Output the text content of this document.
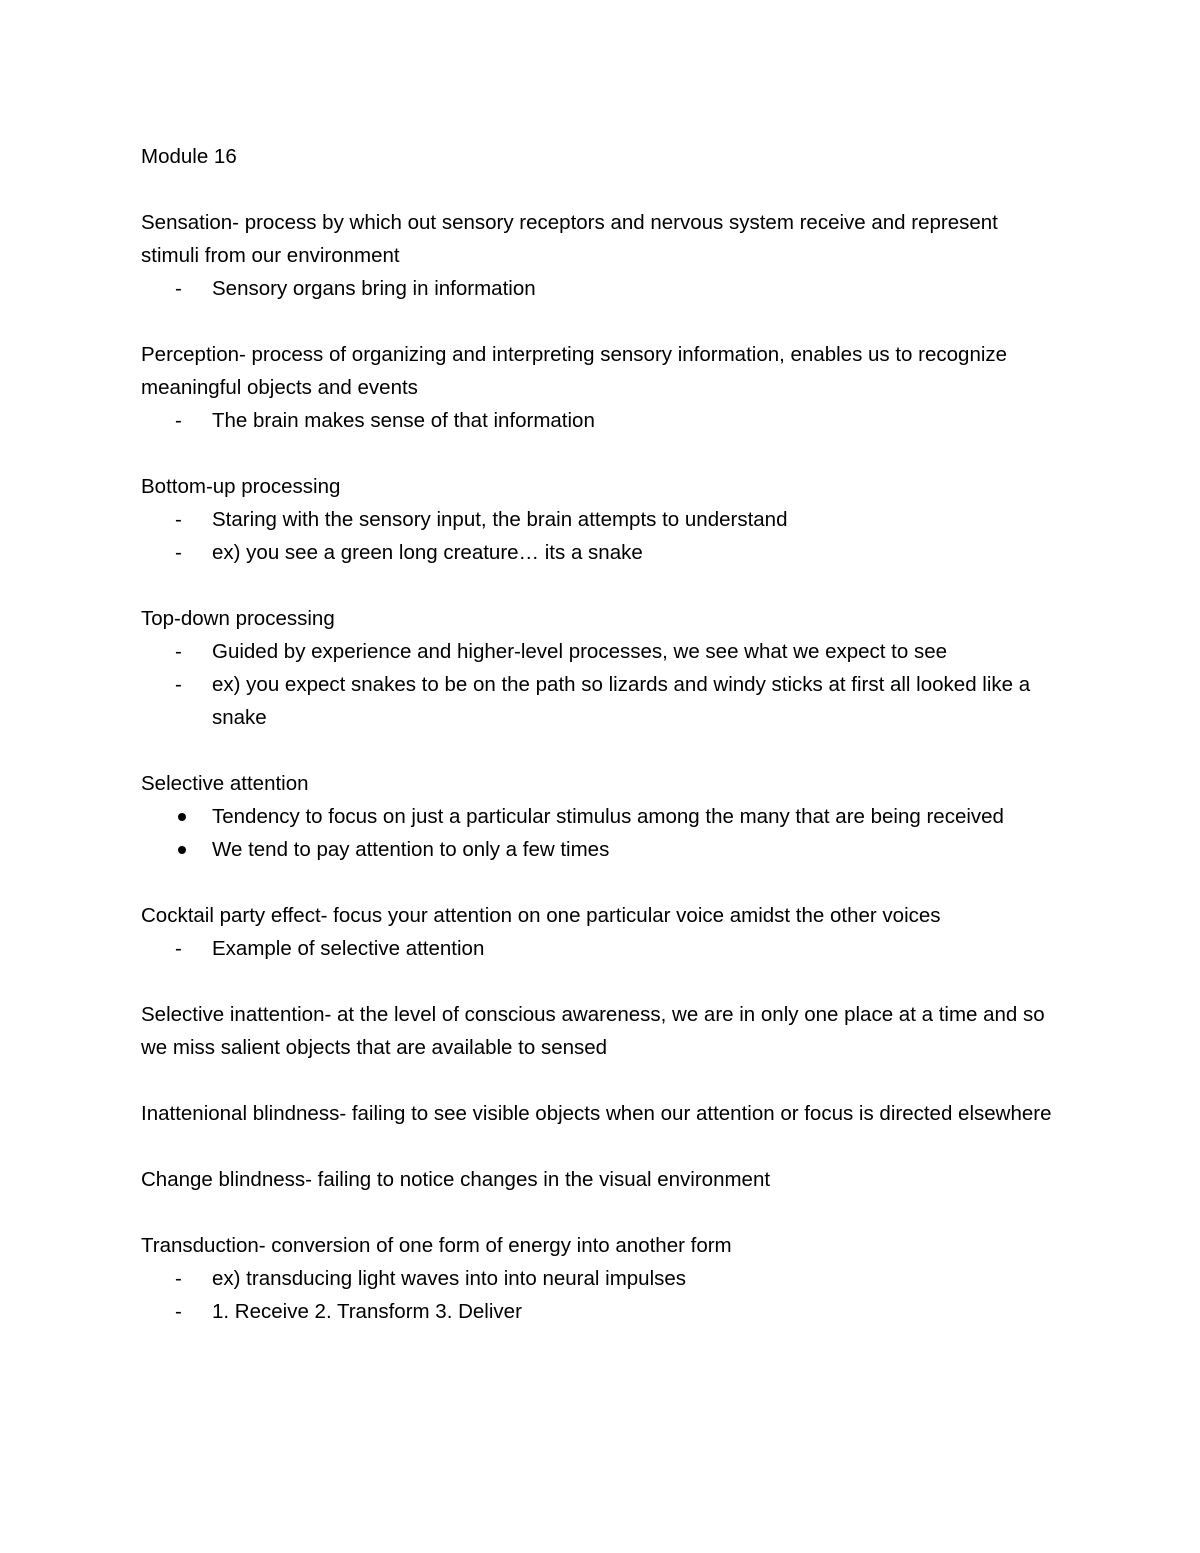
Module 16

Sensation- process by which out sensory receptors and nervous system receive and represent stimuli from our environment

-	Sensory organs bring in information

Perception- process of organizing and interpreting sensory information, enables us to recognize meaningful objects and events

-	The brain makes sense of that information

Bottom-up processing

-	Staring with the sensory input, the brain attempts to understand
-	ex) you see a green long creature… its a snake

Top-down processing

-	Guided by experience and higher-level processes, we see what we expect to see
-	ex) you expect snakes to be on the path so lizards and windy sticks at first all looked like a snake

Selective attention

Tendency to focus on just a particular stimulus among the many that are being received
We tend to pay attention to only a few times

Cocktail party effect- focus your attention on one particular voice amidst the other voices

-	Example of selective attention

Selective inattention- at the level of conscious awareness, we are in only one place at a time and so we miss salient objects that are available to sensed

Inattenional blindness- failing to see visible objects when our attention or focus is directed elsewhere

Change blindness- failing to notice changes in the visual environment

Transduction- conversion of one form of energy into another form

-	ex) transducing light waves into into neural impulses
-	1. Receive 2. Transform 3. Deliver
